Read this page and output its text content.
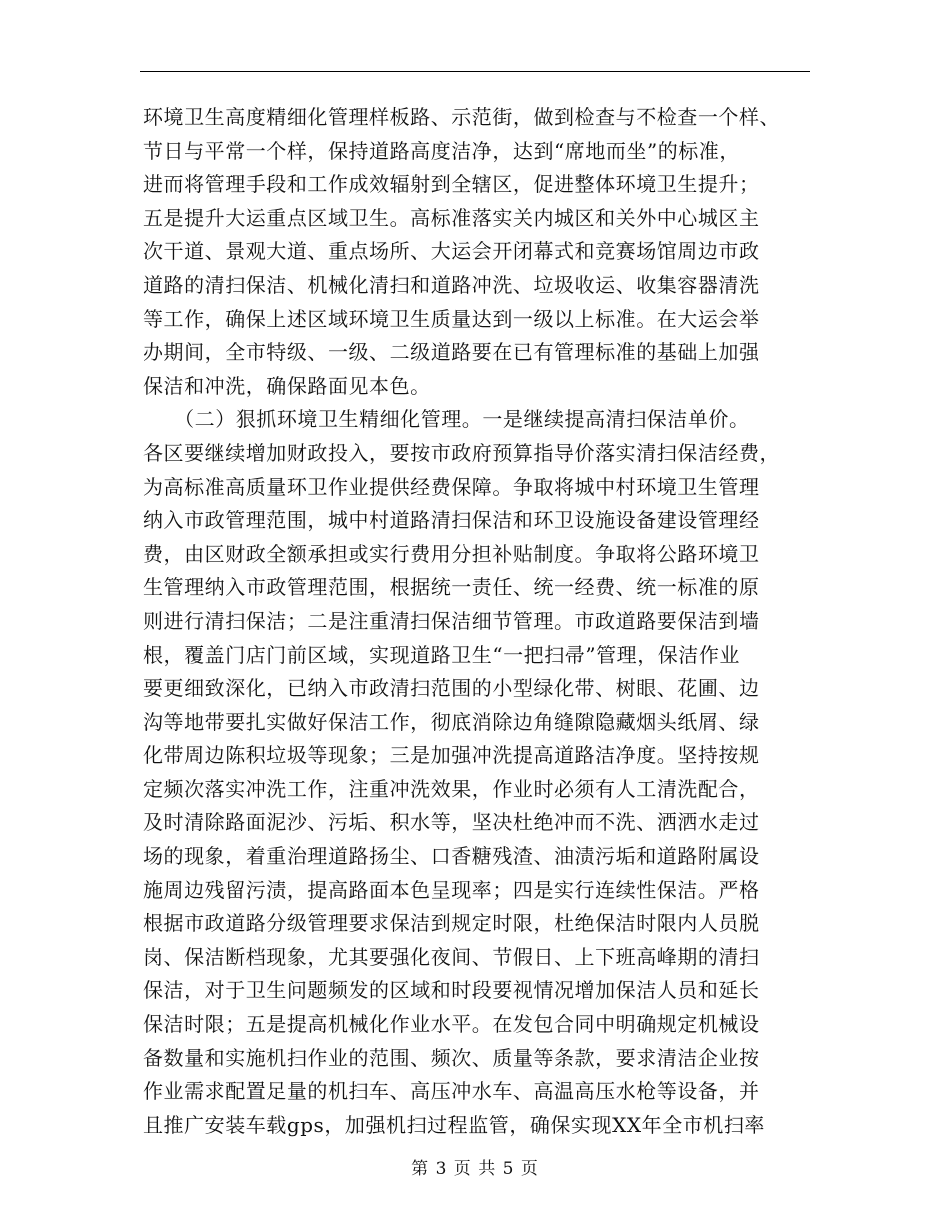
环境卫生高度精细化管理样板路、示范街，做到检查与不检查一个样、
节日与平常一个样，保持道路高度洁净，达到“席地而坐”的标准，
进而将管理手段和工作成效辐射到全辖区，促进整体环境卫生提升；
五是提升大运重点区域卫生。高标准落实关内城区和关外中心城区主
次干道、景观大道、重点场所、大运会开闭幕式和竞赛场馆周边市政
道路的清扫保洁、机械化清扫和道路冲洗、垃圾收运、收集容器清洗
等工作，确保上述区域环境卫生质量达到一级以上标准。在大运会举
办期间，全市特级、一级、二级道路要在已有管理标准的基础上加强
保洁和冲洗，确保路面见本色。
　　（二）狠抓环境卫生精细化管理。一是继续提高清扫保洁单价。
各区要继续增加财政投入，要按市政府预算指导价落实清扫保洁经费，
为高标准高质量环卫作业提供经费保障。争取将城中村环境卫生管理
纳入市政管理范围，城中村道路清扫保洁和环卫设施设备建设管理经
费，由区财政全额承担或实行费用分担补贴制度。争取将公路环境卫
生管理纳入市政管理范围，根据统一责任、统一经费、统一标准的原
则进行清扫保洁；二是注重清扫保洁细节管理。市政道路要保洁到墙
根，覆盖门店门前区域，实现道路卫生“一把扫帚”管理，保洁作业
要更细致深化，已纳入市政清扫范围的小型绿化带、树眼、花圃、边
沟等地带要扎实做好保洁工作，彻底消除边角缝隙隐藏烟头纸屑、绿
化带周边陈积垃圾等现象；三是加强冲洗提高道路洁净度。坚持按规
定频次落实冲洗工作，注重冲洗效果，作业时必须有人工清洗配合，
及时清除路面泥沙、污垢、积水等，坚决杜绝冲而不洗、洒洒水走过
场的现象，着重治理道路扬尘、口香糖残渣、油渍污垢和道路附属设
施周边残留污渍，提高路面本色呈现率；四是实行连续性保洁。严格
根据市政道路分级管理要求保洁到规定时限，杜绝保洁时限内人员脱
岗、保洁断档现象，尤其要强化夜间、节假日、上下班高峰期的清扫
保洁，对于卫生问题频发的区域和时段要视情况增加保洁人员和延长
保洁时限；五是提高机械化作业水平。在发包合同中明确规定机械设
备数量和实施机扫作业的范围、频次、质量等条款，要求清洁企业按
作业需求配置足量的机扫车、高压冲水车、高温高压水枪等设备，并
且推广安装车载gps，加强机扫过程监管，确保实现XX年全市机扫率
第 3 页 共 5 页
